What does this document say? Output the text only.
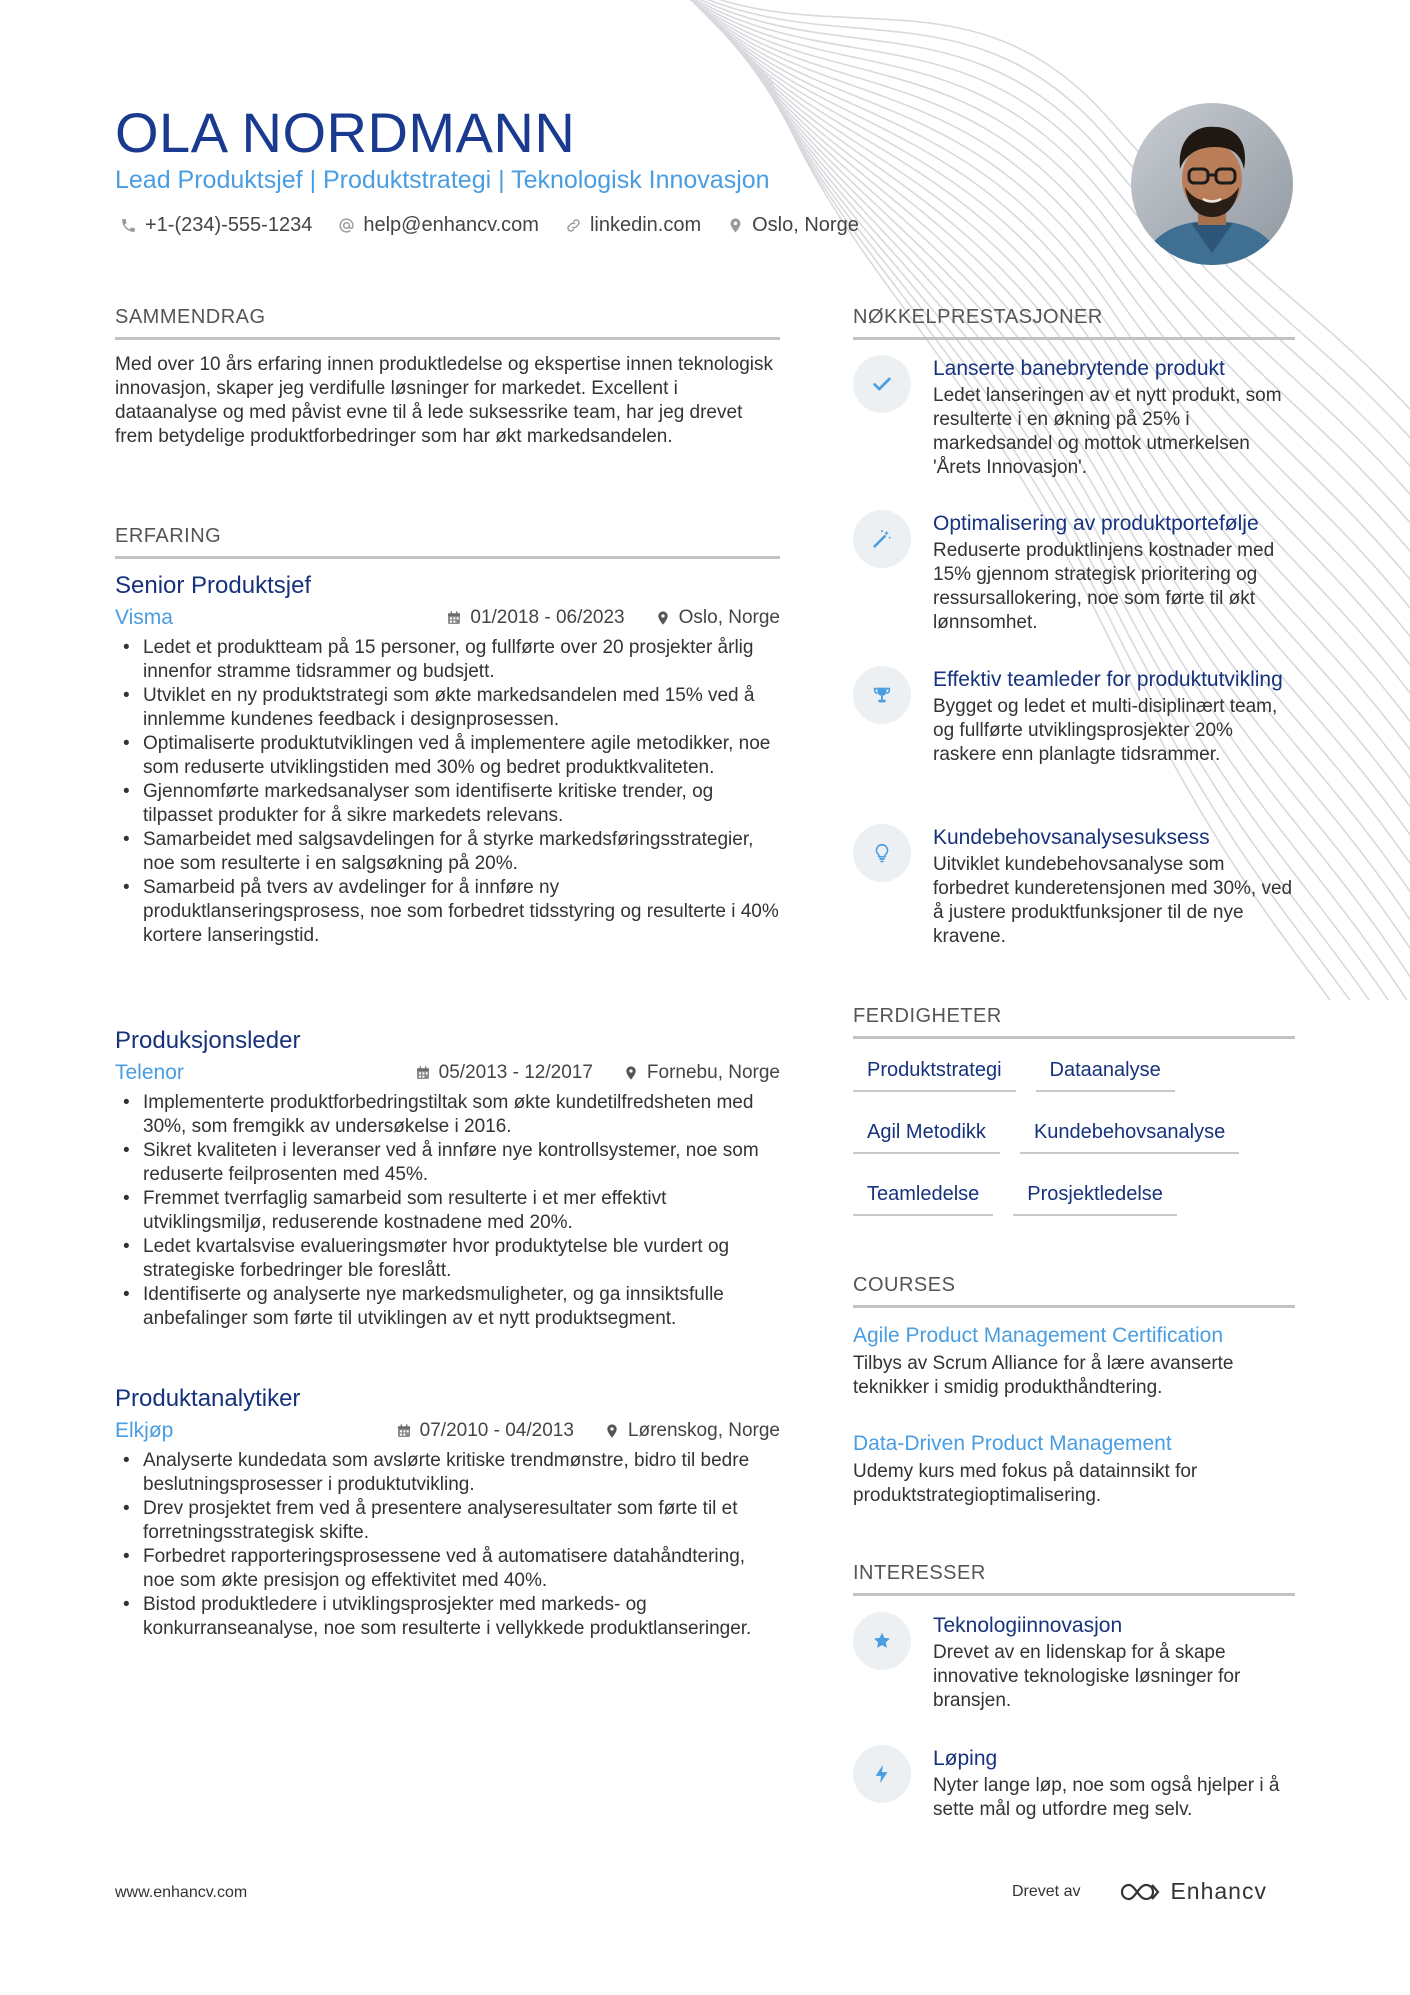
OLA NORDMANN
Lead Produktsjef | Produktstrategi | Teknologisk Innovasjon
+1-(234)-555-1234	help@enhancv.com	linkedin.com	Oslo, Norge
SAMMENDRAG
Med over 10 års erfaring innen produktledelse og ekspertise innen teknologisk innovasjon, skaper jeg verdifulle løsninger for markedet. Excellent i dataanalyse og med påvist evne til å lede suksessrike team, har jeg drevet frem betydelige produktforbedringer som har økt markedsandelen.
ERFARING
Senior Produktsjef
Visma	01/2018 - 06/2023	Oslo, Norge
• Ledet et produktteam på 15 personer, og fullførte over 20 prosjekter årlig innenfor stramme tidsrammer og budsjett.
• Utviklet en ny produktstrategi som økte markedsandelen med 15% ved å innlemme kundenes feedback i designprosessen.
• Optimaliserte produktutviklingen ved å implementere agile metodikker, noe som reduserte utviklingstiden med 30% og bedret produktkvaliteten.
• Gjennomførte markedsanalyser som identifiserte kritiske trender, og tilpasset produkter for å sikre markedets relevans.
• Samarbeidet med salgsavdelingen for å styrke markedsføringsstrategier, noe som resulterte i en salgsøkning på 20%.
• Samarbeid på tvers av avdelinger for å innføre ny produktlanseringsprosess, noe som forbedret tidsstyring og resulterte i 40% kortere lanseringstid.
Produksjonsleder
Telenor	05/2013 - 12/2017	Fornebu, Norge
• Implementerte produktforbedringstiltak som økte kundetilfredsheten med 30%, som fremgikk av undersøkelse i 2016.
• Sikret kvaliteten i leveranser ved å innføre nye kontrollsystemer, noe som reduserte feilprosenten med 45%.
• Fremmet tverrfaglig samarbeid som resulterte i et mer effektivt utviklingsmiljø, reduserende kostnadene med 20%.
• Ledet kvartalsvise evalueringsmøter hvor produktytelse ble vurdert og strategiske forbedringer ble foreslått.
• Identifiserte og analyserte nye markedsmuligheter, og ga innsiktsfulle anbefalinger som førte til utviklingen av et nytt produktsegment.
Produktanalytiker
Elkjøp	07/2010 - 04/2013	Lørenskog, Norge
• Analyserte kundedata som avslørte kritiske trendmønstre, bidro til bedre beslutningsprosesser i produktutvikling.
• Drev prosjektet frem ved å presentere analyseresultater som førte til et forretningsstrategisk skifte.
• Forbedret rapporteringsprosessene ved å automatisere datahåndtering, noe som økte presisjon og effektivitet med 40%.
• Bistod produktledere i utviklingsprosjekter med markeds- og konkurranseanalyse, noe som resulterte i vellykkede produktlanseringer.
NØKKELPRESTASJONER
Lanserte banebrytende produkt
Ledet lanseringen av et nytt produkt, som resulterte i en økning på 25% i markedsandel og mottok utmerkelsen 'Årets Innovasjon'.
Optimalisering av produktportefølje
Reduserte produktlinjens kostnader med 15% gjennom strategisk prioritering og ressursallokering, noe som førte til økt lønnsomhet.
Effektiv teamleder for produktutvikling
Bygget og ledet et multi-disiplinært team, og fullførte utviklingsprosjekter 20% raskere enn planlagte tidsrammer.
Kundebehovsanalysesuksess
Uitviklet kundebehovsanalyse som forbedret kunderetensjonen med 30%, ved å justere produktfunksjoner til de nye kravene.
FERDIGHETER
Produktstrategi	Dataanalyse
Agil Metodikk	Kundebehovsanalyse
Teamledelse	Prosjektledelse
COURSES
Agile Product Management Certification
Tilbys av Scrum Alliance for å lære avanserte teknikker i smidig produkthåndtering.
Data-Driven Product Management
Udemy kurs med fokus på datainnsikt for produktstrategioptimalisering.
INTERESSER
Teknologiinnovasjon
Drevet av en lidenskap for å skape innovative teknologiske løsninger for bransjen.
Løping
Nyter lange løp, noe som også hjelper i å sette mål og utfordre meg selv.
www.enhancv.com	Drevet av	Enhancv
